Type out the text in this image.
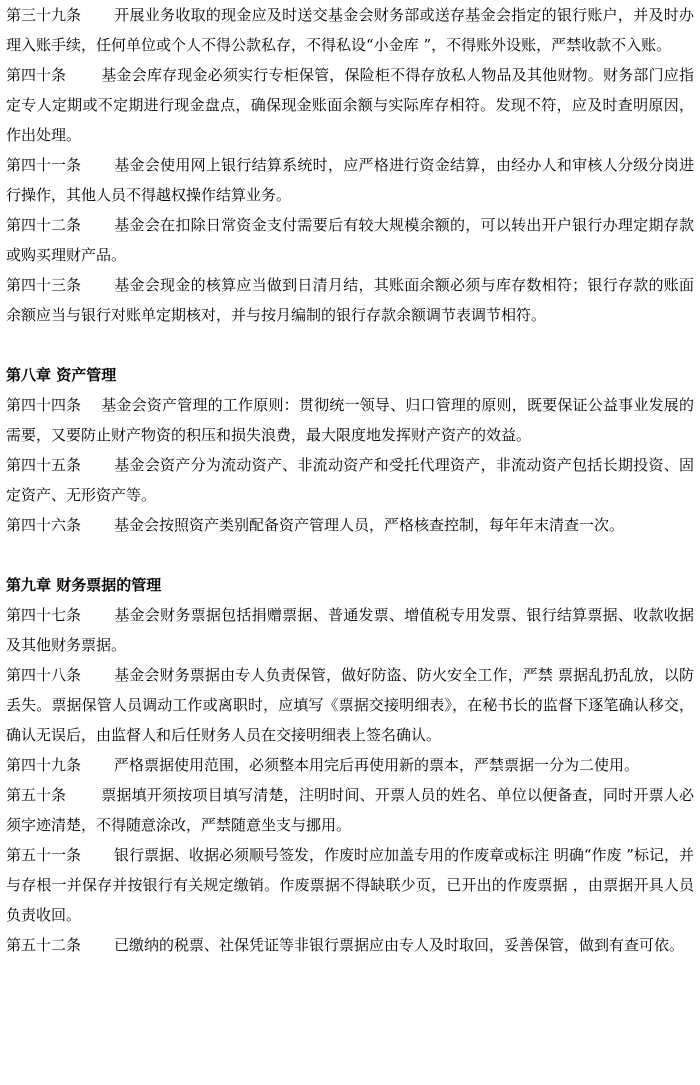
第三十九条 开展业务收取的现金应及时送交基金会财务部或送存基金会指定的银行账户，并及时办理入账手续，任何单位或个人不得公款私存，不得私设“小金库 ”，不得账外设账，严禁收款不入账。

第四十条 基金会库存现金必须实行专柜保管，保险柜不得存放私人物品及其他财物。财务部门应指定专人定期或不定期进行现金盘点，确保现金账面余额与实际库存相符。发现不符，应及时查明原因，作出处理。

第四十一条 基金会使用网上银行结算系统时，应严格进行资金结算，由经办人和审核人分级分岗进行操作，其他人员不得越权操作结算业务。

第四十二条 基金会在扣除日常资金支付需要后有较大规模余额的，可以转出开户银行办理定期存款或购买理财产品。

第四十三条 基金会现金的核算应当做到日清月结，其账面余额必须与库存数相符；银行存款的账面余额应当与银行对账单定期核对，并与按月编制的银行存款余额调节表调节相符。

第八章 资产管理

第四十四条 基金会资产管理的工作原则：贯彻统一领导、归口管理的原则，既要保证公益事业发展的需要，又要防止财产物资的积压和损失浪费，最大限度地发挥财产资产的效益。

第四十五条 基金会资产分为流动资产、非流动资产和受托代理资产，非流动资产包括长期投资、固定资产、无形资产等。

第四十六条 基金会按照资产类别配备资产管理人员，严格核查控制，每年年末清查一次。

第九章 财务票据的管理

第四十七条 基金会财务票据包括捐赠票据、普通发票、增值税专用发票、银行结算票据、收款收据及其他财务票据。

第四十八条 基金会财务票据由专人负责保管，做好防盗、防火安全工作，严禁 票据乱扔乱放，以防丢失。票据保管人员调动工作或离职时，应填写《票据交接明细表》，在秘书长的监督下逐笔确认移交，确认无误后，由监督人和后任财务人员在交接明细表上签名确认。

第四十九条 严格票据使用范围，必须整本用完后再使用新的票本，严禁票据一分为二使用。

第五十条 票据填开须按项目填写清楚，注明时间、开票人员的姓名、单位以便备查，同时开票人必须字迹清楚，不得随意涂改，严禁随意坐支与挪用。

第五十一条 银行票据、收据必须顺号签发，作废时应加盖专用的作废章或标注 明确“作废 ”标记，并与存根一并保存并按银行有关规定缴销。作废票据不得缺联少页，已开出的作废票据 ，由票据开具人员负责收回。

第五十二条 已缴纳的税票、社保凭证等非银行票据应由专人及时取回，妥善保管，做到有查可依。
